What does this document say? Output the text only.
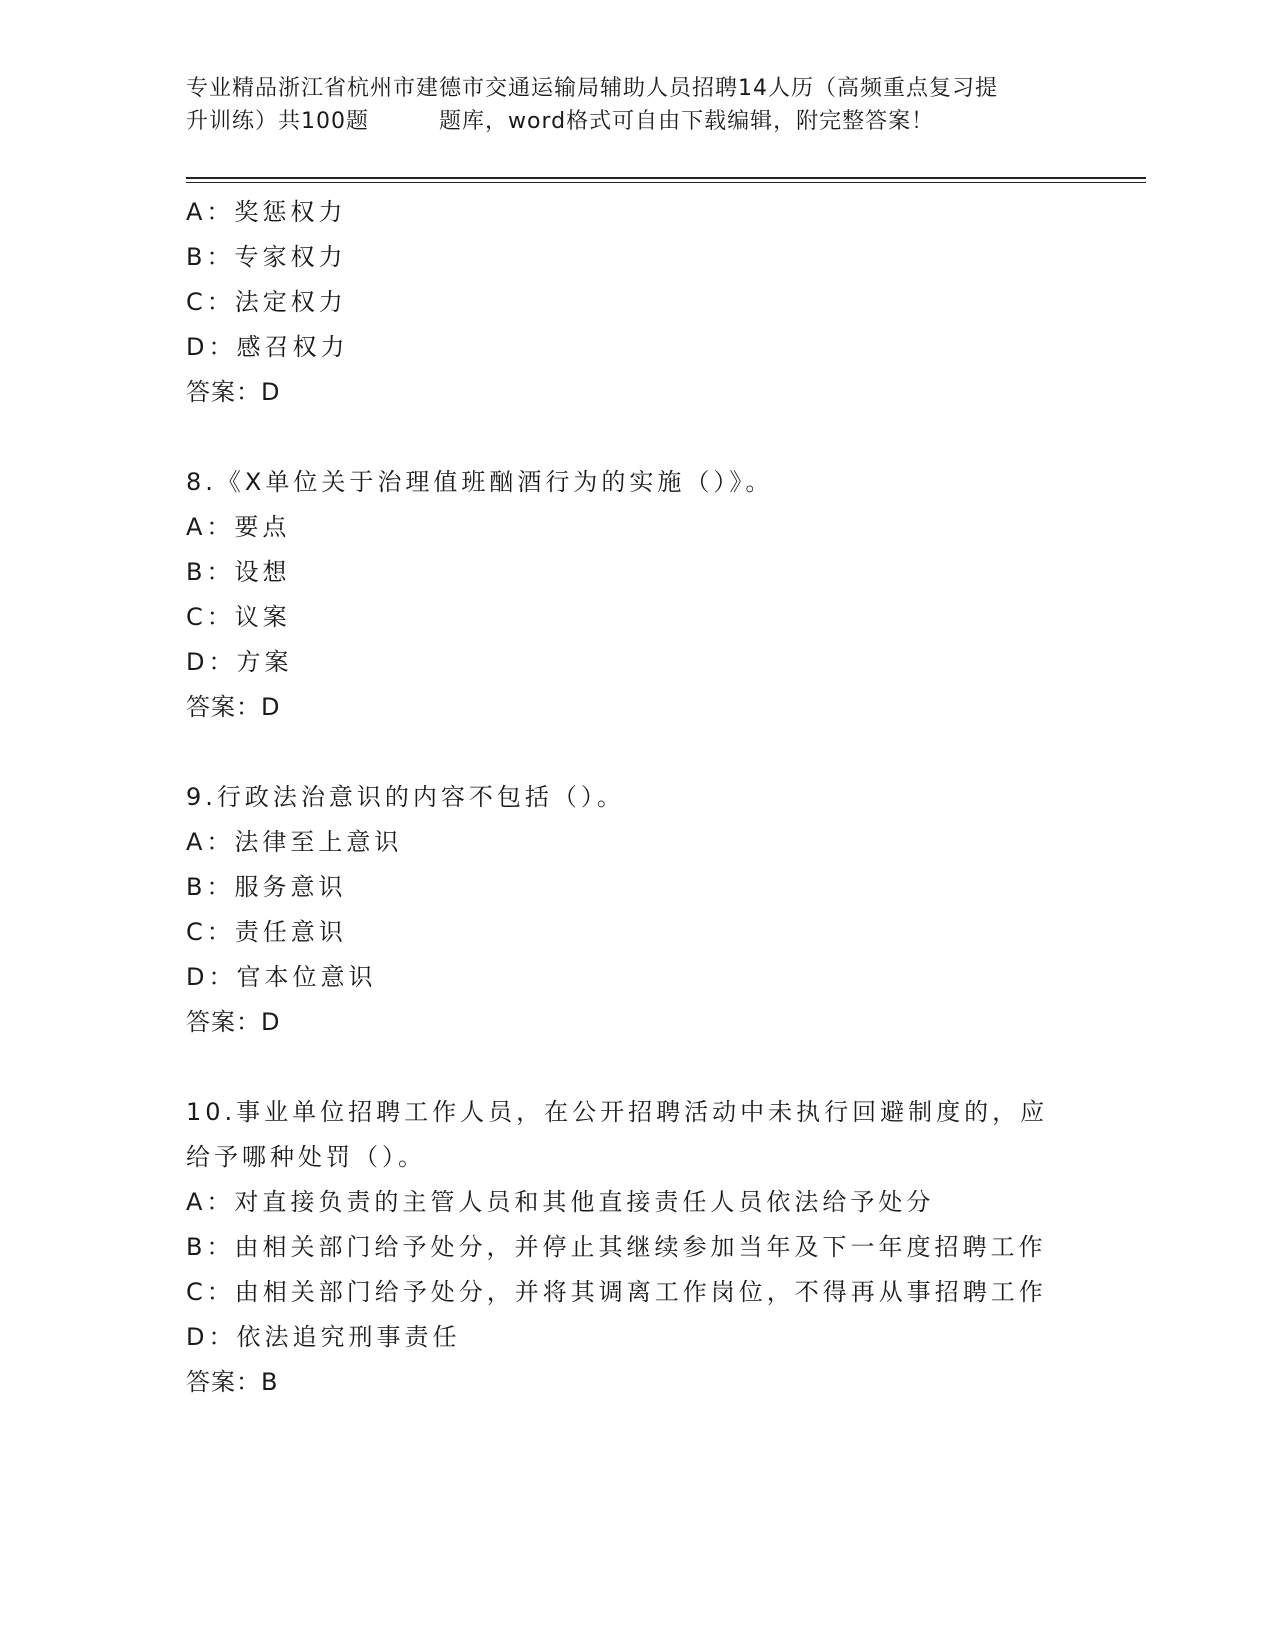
专业精品浙江省杭州市建德市交通运输局辅助人员招聘14人历（高频重点复习提
升训练）共100题	题库，word格式可自由下载编辑，附完整答案！
A：奖惩权力
B：专家权力
C：法定权力
D：感召权力
答案：D
8.《X单位关于治理值班酗酒行为的实施（）》。
A：要点
B：设想
C：议案
D：方案
答案：D
9.行政法治意识的内容不包括（）。
A：法律至上意识
B：服务意识
C：责任意识
D：官本位意识
答案：D
10.事业单位招聘工作人员，在公开招聘活动中未执行回避制度的，应
给予哪种处罚（）。
A：对直接负责的主管人员和其他直接责任人员依法给予处分
B：由相关部门给予处分，并停止其继续参加当年及下一年度招聘工作
C：由相关部门给予处分，并将其调离工作岗位，不得再从事招聘工作
D：依法追究刑事责任
答案：B
